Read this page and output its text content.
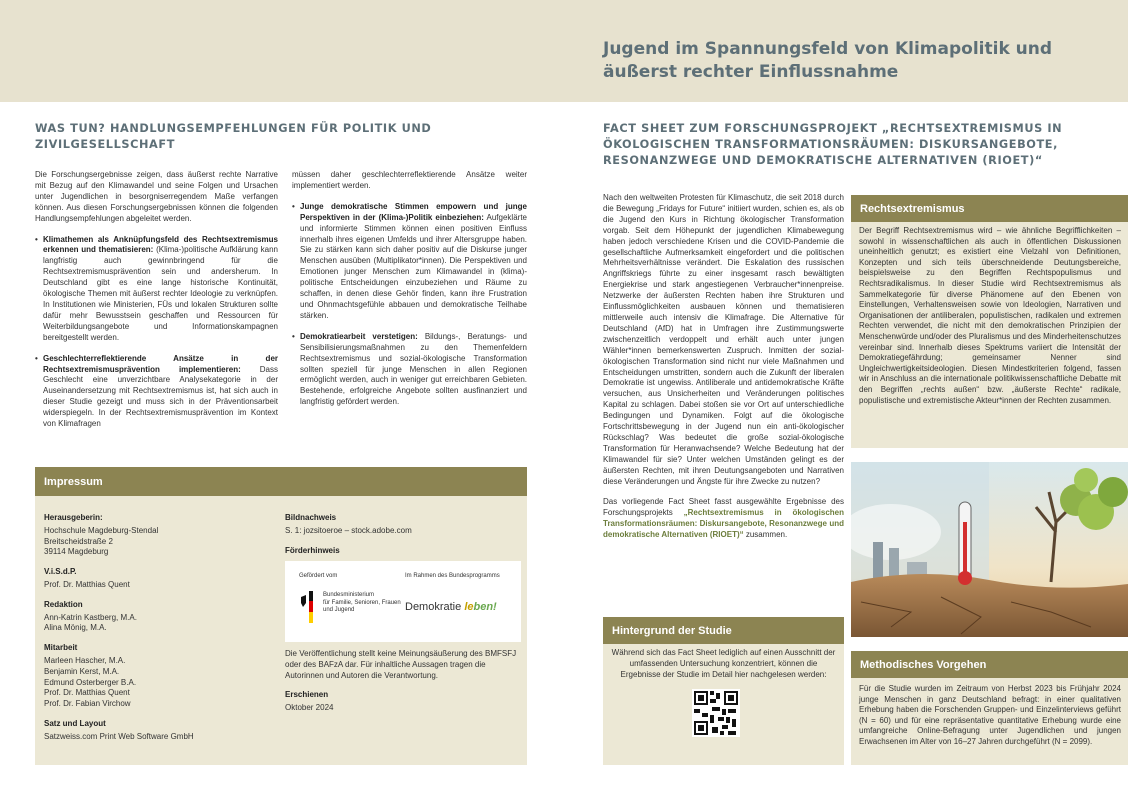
Jugend im Spannungsfeld von Klimapolitik und
äußerst rechter Einflussnahme
WAS TUN? HANDLUNGSEMPFEHLUNGEN FÜR POLITIK UND
ZIVILGESELLSCHAFT

Die Forschungsergebnisse zeigen, dass äußerst rechte Narrative mit Bezug auf den Klimawandel und seine Folgen und Ursachen unter Jugendlichen in besorgniserregendem Maße verfangen können. Aus diesen Forschungsergebnissen können die folgenden Handlungsempfehlungen abgeleitet werden.

• Klimathemen als Anknüpfungsfeld des Rechtsextremismus erkennen und thematisieren: (Klima-)politische Aufklärung kann langfristig auch gewinnbringend für die Rechtsextremismusprävention sein und andersherum. In Deutschland gibt es eine lange historische Kontinuität, ökologische Themen mit äußerst rechter Ideologie zu verknüpfen. In Institutionen wie Ministerien, FÜs und lokalen Strukturen sollte dafür mehr Bewusstsein geschaffen und Ressourcen für Weiterbildungsangebote und Informationskampagnen bereitgestellt werden.
• Geschlechterreflektierende Ansätze in der Rechtsextremismusprävention implementieren: Dass Geschlecht eine unverzichtbare Analysekategorie in der Auseinandersetzung mit Rechtsextremismus ist, hat sich auch in dieser Studie gezeigt und muss sich in der Präventionsarbeit widerspiegeln. In der Rechtsextremismusprävention im Kontext von Klimafragen

müssen daher geschlechterreflektierende Ansätze weiter implementiert werden.

• Junge demokratische Stimmen empowern und junge Perspektiven in der (Klima-)Politik einbeziehen: Aufgeklärte und informierte Stimmen können einen positiven Einfluss innerhalb ihres eigenen Umfelds und ihrer Altersgruppe haben. Sie zu stärken kann sich daher positiv auf die Diskurse junger Menschen ausüben (Multiplikator*innen). Die Perspektiven und Emotionen junger Menschen zum Klimawandel in (klima)-politische Entscheidungen einzubeziehen und Räume zu schaffen, in denen diese Gehör finden, kann ihre Frustration und Ohnmachtsgefühle abbauen und demokratische Teilhabe stärken.
• Demokratiearbeit verstetigen: Bildungs-, Beratungs- und Sensibilisierungsmaßnahmen zu den Themenfeldern Rechtsextremismus und sozial-ökologische Transformation sollten speziell für junge Menschen in allen Regionen ermöglicht werden, auch in weniger gut erreichbaren Gebieten. Bestehende, erfolgreiche Angebote sollten ausfinanziert und langfristig gefördert werden.
Impressum
Herausgeberin:
Hochschule Magdeburg-Stendal
Breitscheidstraße 2
39114 Magdeburg
V.i.S.d.P.
Prof. Dr. Matthias Quent
Redaktion
Ann-Katrin Kastberg, M.A.
Alina Mönig, M.A.
Mitarbeit
Marleen Hascher, M.A.
Benjamin Kerst, M.A.
Edmund Osterberger B.A.
Prof. Dr. Matthias Quent
Prof. Dr. Fabian Virchow
Satz und Layout
Satzweiss.com Print Web Software GmbH
Bildnachweis
S. 1: jozsitoeroe – stock.adobe.com
Förderhinweis
Gefördert vom	Im Rahmen des Bundesprogramms
Bundesministerium
für Familie, Senioren, Frauen
und Jugend	Demokratie leben!
Die Veröffentlichung stellt keine Meinungsäußerung des BMFSFJ oder des BAFzA dar. Für inhaltliche Aussagen tragen die Autorinnen und Autoren die Verantwortung.
Erschienen
Oktober 2024
FACT SHEET ZUM FORSCHUNGSPROJEKT „RECHTSEXTREMISMUS IN
ÖKOLOGISCHEN TRANSFORMATIONSRÄUMEN: DISKURSANGEBOTE,
RESONANZWEGE UND DEMOKRATISCHE ALTERNATIVEN (RIOET)“

Nach den weltweiten Protesten für Klimaschutz, die seit 2018 durch die Bewegung „Fridays for Future“ initiiert wurden, schien es, als ob die Jugend den Kurs in Richtung ökologischer Transformation vorgab. Seit dem Höhepunkt der jugendlichen Klimabewegung haben jedoch verschiedene Krisen und die COVID-Pandemie die gesellschaftliche Aufmerksamkeit eingefordert und die politischen Mehrheitsverhältnisse verändert. Die Eskalation des russischen Angriffskriegs führte zu einer insgesamt rasch bewältigten Energiekrise und stark angestiegenen Verbraucher*innenpreise. Netzwerke der äußersten Rechten haben ihre Strukturen und Einflussmöglichkeiten ausbauen können und thematisieren mittlerweile auch intensiv die Klimafrage. Die Alternative für Deutschland (AfD) hat in Umfragen ihre Zustimmungswerte zwischenzeitlich verdoppelt und erhält auch unter jungen Wähler*innen bemerkenswerten Zuspruch. Inmitten der sozial-ökologischen Transformation sind nicht nur viele Maßnahmen und Entscheidungen umstritten, sondern auch die Zukunft der liberalen Demokratie ist ungewiss. Antiliberale und antidemokratische Kräfte versuchen, aus Unsicherheiten und Veränderungen politisches Kapital zu schlagen. Dabei stoßen sie vor Ort auf unterschiedliche Bedingungen und Dynamiken. Folgt auf die ökologische Fortschrittsbewegung in der Jugend nun ein anti-ökologischer Rückschlag? Was bedeutet die große sozial-ökologische Transformation für Heranwachsende? Welche Bedeutung hat der Klimawandel für sie? Unter welchen Umständen gelingt es der äußersten Rechten, mit ihren Deutungsangeboten und Narrativen diese Veränderungen und Ängste für ihre Zwecke zu nutzen?

Das vorliegende Fact Sheet fasst ausgewählte Ergebnisse des Forschungsprojekts „Rechtsextremismus in ökologischen Transformationsräumen: Diskursangebote, Resonanzwege und demokratische Alternativen (RIOET)“ zusammen.

Rechtsextremismus

Der Begriff Rechtsextremismus wird – wie ähnliche Begrifflichkeiten – sowohl in wissenschaftlichen als auch in öffentlichen Diskussionen uneinheitlich genutzt; es existiert eine Vielzahl von Definitionen, Konzepten und sich teils überschneidende Deutungsbereiche, beispielsweise zu den Begriffen Rechtspopulismus und Rechtsradikalismus. In dieser Studie wird Rechtsextremismus als Sammelkategorie für diverse Phänomene auf den Ebenen von Einstellungen, Verhaltensweisen sowie von Ideologien, Narrativen und Organisationen der antiliberalen, populistischen, radikalen und extremen Rechten verwendet, die nicht mit den demokratischen Prinzipien der Menschenwürde und/oder des Pluralismus und des Minderheitenschutzes vereinbar sind. Innerhalb dieses Spektrums variiert die Intensität der Demokratiegefährdung; gemeinsamer Nenner sind Ungleichwertigkeitsideologien. Diesen Mindestkriterien folgend, fassen wir in Anschluss an die internationale politikwissenschaftliche Debatte mit den Begriffen „rechts außen“ bzw. „äußerste Rechte“ radikale, populistische und extremistische Akteur*innen der Rechten zusammen.

Hintergrund der Studie

Während sich das Fact Sheet lediglich auf einen Ausschnitt der umfassenden Untersuchung konzentriert, können die Ergebnisse der Studie im Detail hier nachgelesen werden:

Methodisches Vorgehen

Für die Studie wurden im Zeitraum von Herbst 2023 bis Frühjahr 2024 junge Menschen in ganz Deutschland befragt: in einer qualitativen Erhebung haben die Forschenden Gruppen- und Einzelinterviews geführt (N = 60) und für eine repräsentative quantitative Erhebung wurde eine umfangreiche Online-Befragung unter Jugendlichen und jungen Erwachsenen im Alter von 16–27 Jahren durchgeführt (N = 2099).
